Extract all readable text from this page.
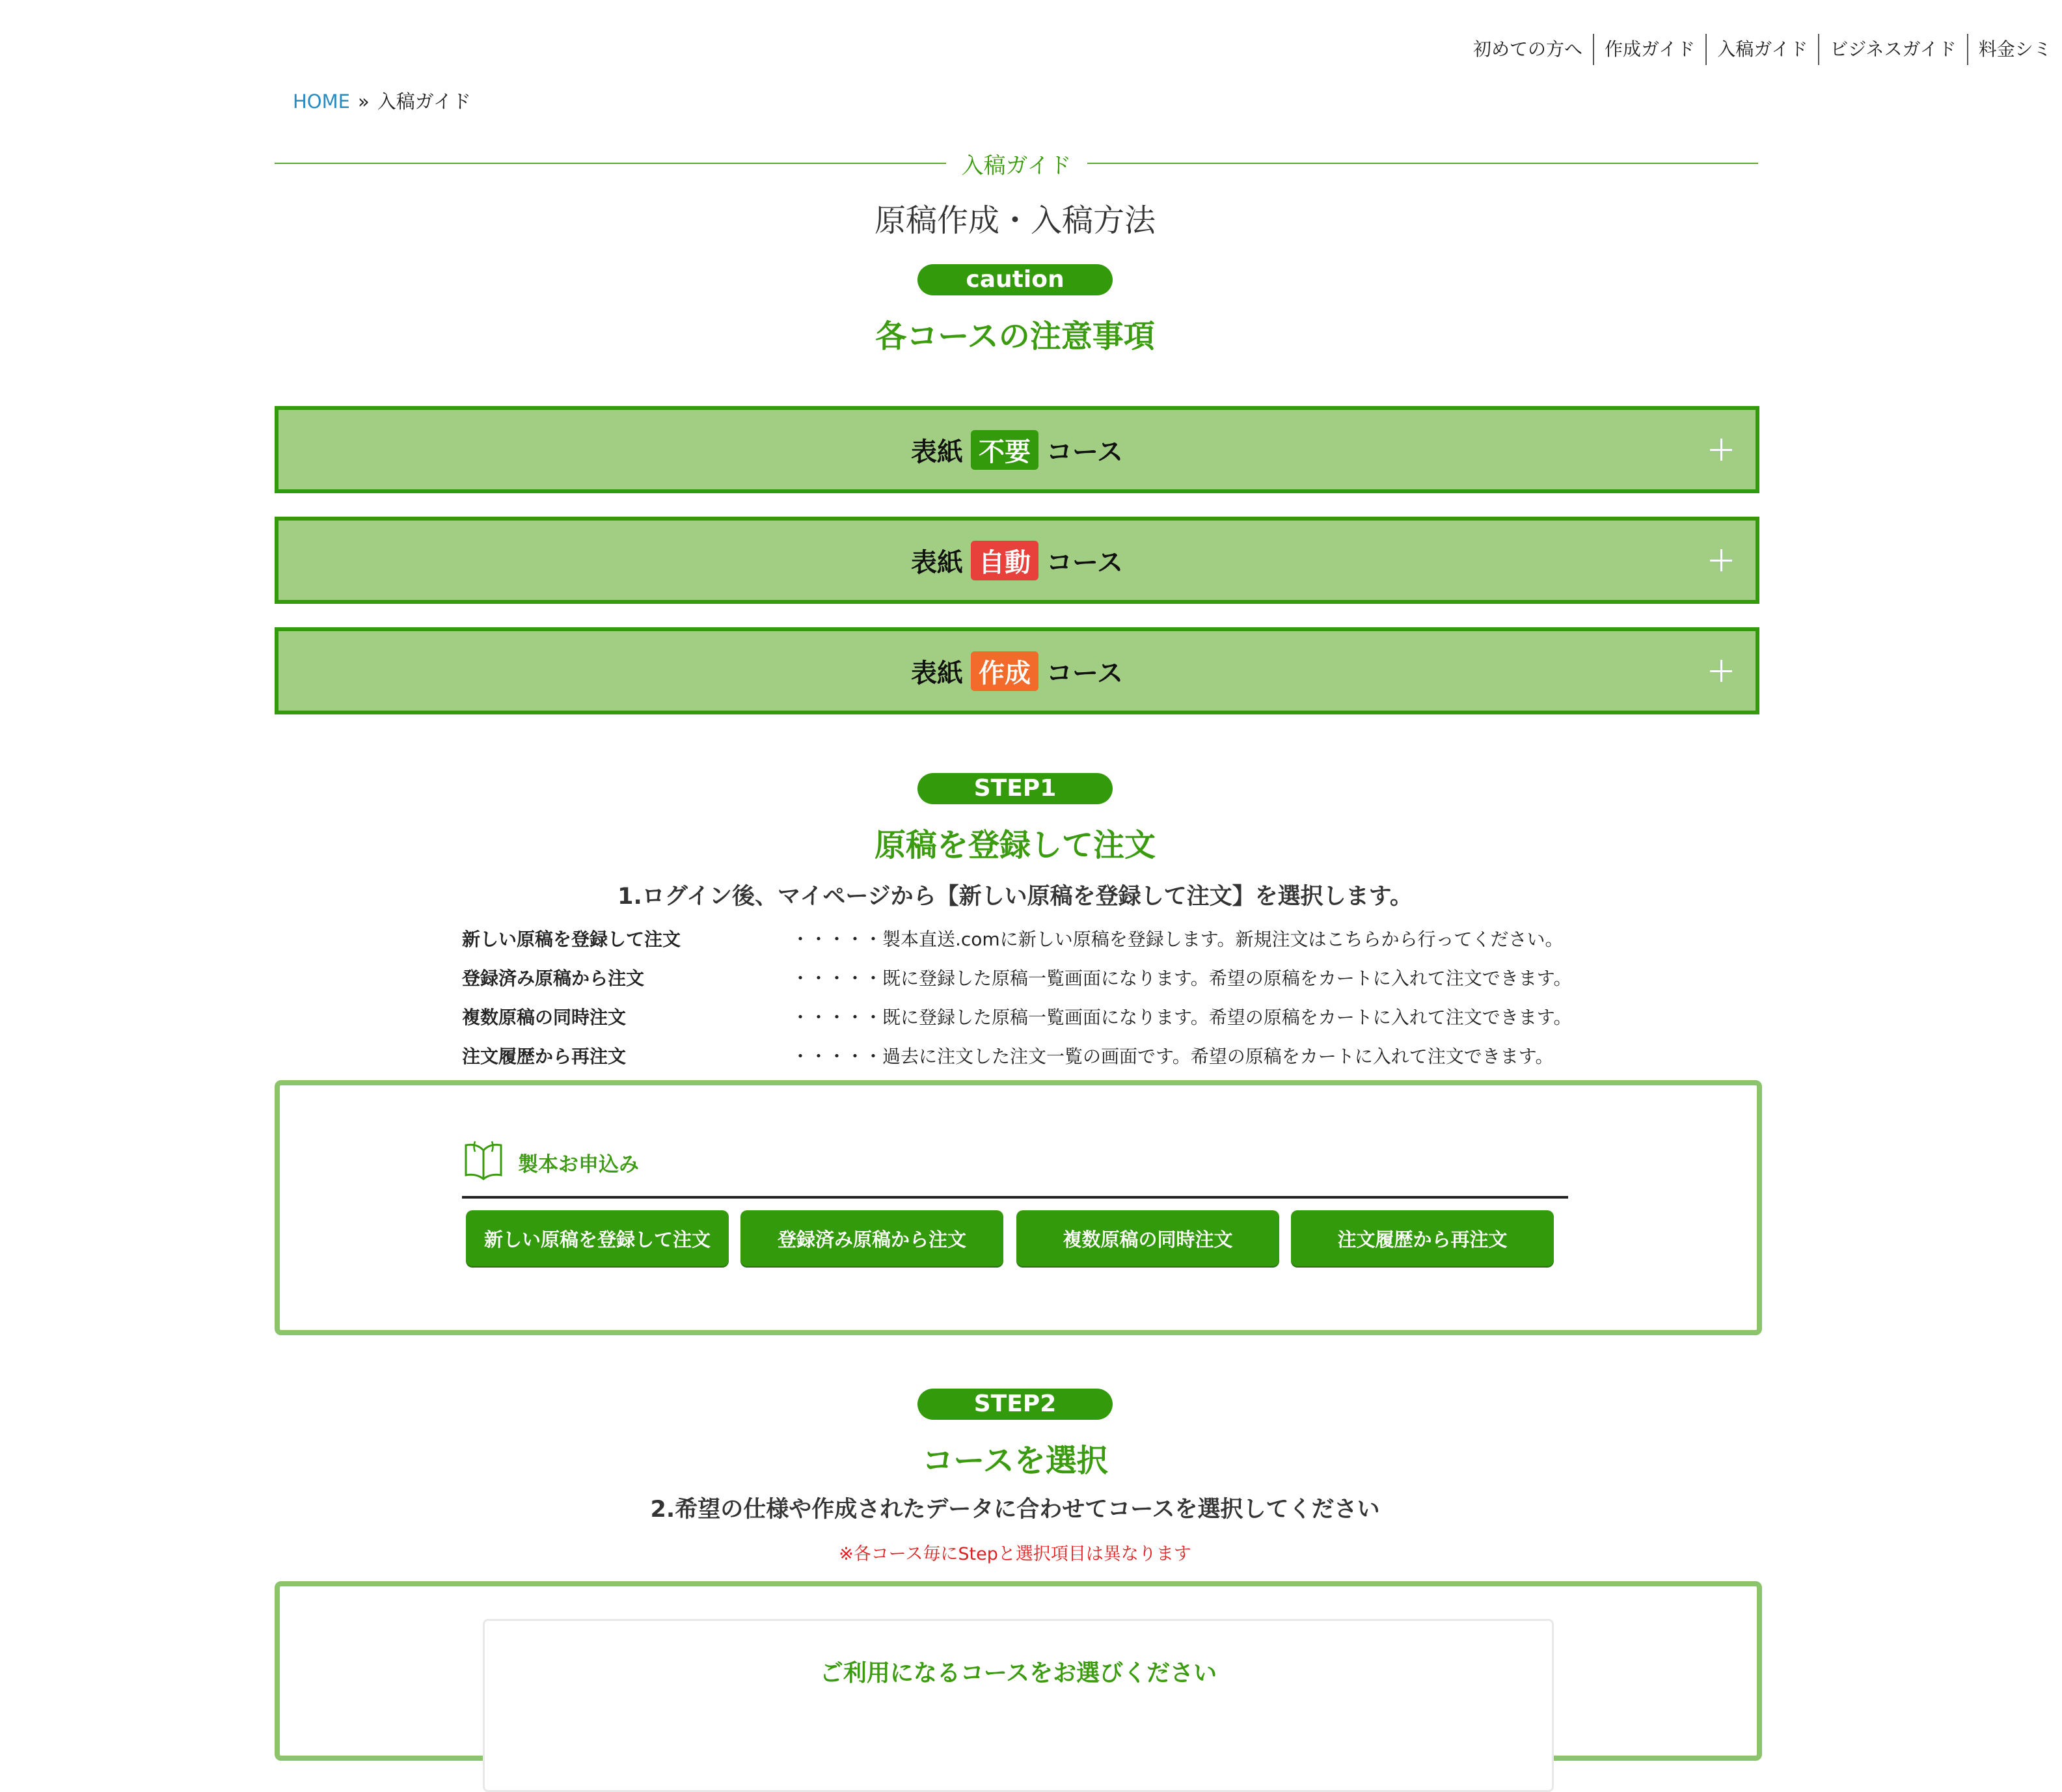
初めての方へ	作成ガイド	入稿ガイド	ビジネスガイド	料金シミ
HOME » 入稿ガイド
入稿ガイド
原稿作成・入稿方法
caution
各コースの注意事項
表紙 不要 コース
表紙 自動 コース
表紙 作成 コース
STEP1
原稿を登録して注文
1.ログイン後、マイページから【新しい原稿を登録して注文】を選択します。
新しい原稿を登録して注文	・・・・・製本直送.comに新しい原稿を登録します。新規注文はこちらから行ってください。
登録済み原稿から注文	・・・・・既に登録した原稿一覧画面になります。希望の原稿をカートに入れて注文できます。
複数原稿の同時注文	・・・・・既に登録した原稿一覧画面になります。希望の原稿をカートに入れて注文できます。
注文履歴から再注文	・・・・・過去に注文した注文一覧の画面です。希望の原稿をカートに入れて注文できます。
製本お申込み
新しい原稿を登録して注文	登録済み原稿から注文	複数原稿の同時注文	注文履歴から再注文
STEP2
コースを選択
2.希望の仕様や作成されたデータに合わせてコースを選択してください
※各コース毎にStepと選択項目は異なります
ご利用になるコースをお選びください
